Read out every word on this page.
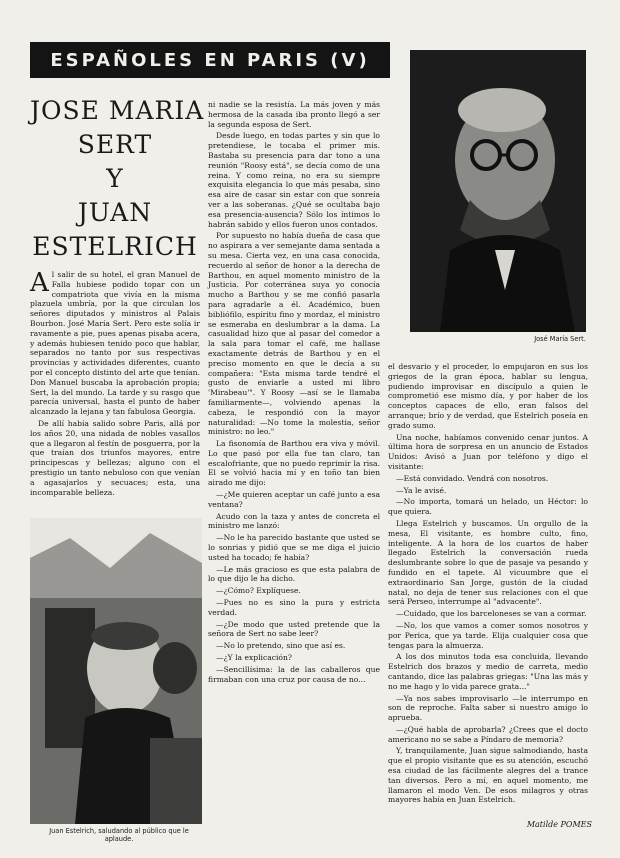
ESPAÑOLES EN PARIS (V)
JOSE MARIA
SERT
Y
JUAN
ESTELRICH

Al salir de su hotel, el gran Manuel de Falla hubiese podido topar con un compatriota que vivía en la misma plazuela umbría, por la que circulan los señores diputados y ministros al Palais Bourbon. José María Sert. Pero este solía ir ravamente a pie, pues apenas pisaba acera, y además hubiesen tenido poco que hablar, separados no tanto por sus respectivas provincias y actividades diferentes, cuanto por el concepto distinto del arte que tenían. Don Manuel buscaba la aprobación propia; Sert, la del mundo. La tarde y su rasgo que parecía universal, hasta el punto de haber alcanzado la lejana y tan fabulosa Georgia.

De allí había salido sobre Paris, allá por los años 20, una nidada de nobles vasallos que a llegaron al festín de posguerra, por la que traían dos triunfos mayores, entre principescas y bellezas; alguno con el prestigio un tanto nebuloso con que venían a agasajarlos y secuaces; esta, una incomparable belleza.

ni nadie se la resistía. La más joven y más hermosa de la casada iba pronto llegó a ser la segunda esposa de Sert.

Desde luego, en todas partes y sin que lo pretendiese, le tocaba el primer mis. Bastaba su presencia para dar tono a una reunión "Roosy está", se decía como de una reina. Y como reina, no era su siempre exquisita elegancia lo que más pesaba, sino esa aire de casar sin estar con que sonreía ver a las soberanas. ¿Qué se ocultaba bajo esa presencia-ausencia? Sólo los íntimos lo habrán sabido y ellos fueron unos contados.

Por supuesto no había dueña de casa que no aspirara a ver semejante dama sentada a su mesa. Cierta vez, en una casa conocida, recuerdo al señor de honor a la derecha de Barthou, en aquel momento ministro de la Justicia. Por coterránea suya yo conocía mucho a Barthou y se me confió pasarla para agradarle a él. Académico, buen bibliófilo, espíritu fino y mordaz, el ministro se esmeraba en deslumbrar a la dama. La casualidad hizo que al pasar del comedor a la sala para tomar el café, me hallase exactamente detrás de Barthou y en el preciso momento en que le decía a su compañera: "Esta misma tarde tendré el gusto de enviarle a usted mi libro 'Mirabeau'". Y Roosy —así se le llamaba familiarmente—, volviendo apenas la cabeza, le respondió con la mayor naturalidad: —No tome la molestia, señor ministro: no leo."

La fisonomía de Barthou era viva y móvil. Lo que pasó por ella fue tan claro, tan escalofriante, que no puedo reprimir la risa. El se volvió hacia mí y en toño tan bien airado me dijo:

—¿Me quieren aceptar un café junto a esa ventana?

Acudo con la taza y antes de concreta el ministro me lanzó:

—No le ha parecido bastante que usted se lo sonrias y pidió que se me diga el juicio usted ha tocado; fe había?

—Le más gracioso es que esta palabra de lo que dijo le ha dicho.

—¿Cómo? Explíquese.

—Pues no es sino la pura y estricta verdad.

—¿De modo que usted pretende que la señora de Sert no sabe leer?

—No lo pretendo, sino que así es.

—¿Y la explicación?

—Sencillísima: la de las caballeros que firmaban con una cruz por causa de no...

José María Sert.

el desvario y el proceder, lo empujaron en sus los griegos de la gran época, hablar su lengua, pudiendo improvisar en discípulo a quien le comprometió ese mismo día, y por haber de los conceptos capaces de ello, eran falsos del arranque; brío y de verdad, que Estelrich poseía en grado sumo.

Una noche, habíamos convenido cenar juntos. A última hora de sorpresa en un anuncio de Estados Unidos: Avisó a Juan por teléfono y digo el visitante:

—Está convidado. Vendrá con nosotros.

—Ya le avisé.

—No importa, tomará un helado, un Héctor: lo que quiera.

Llega Estelrich y buscamos. Un orgullo de la mesa, El visitante, es hombre culto, fino, inteligente. A la hora de los cuartos de haber llegado Estelrich la conversación rueda deslumbrante sobre lo que de pasaje va pesando y fundido en el tapete. Al vicuumbre que el extraordinario San Jorge, gustón de la ciudad natal, no deja de tener sus relaciones con el que será Perseo, interrumpe al "advacente".

—Cuidado, que los barceloneses se van a cormar.

—No, los que vamos a comer somos nosotros y por Perica, que ya tarde. Elija cualquier cosa que tengas para la almuerza.

A los dos minutos toda esa concluida, llevando Estelrich dos brazos y medio de carreta, medio cantando, dice las palabras griegas: "Una las más y no me hago y lo vida parece grata..."

—Ya nos sabes improvisarlo —le interrumpo en son de reproche. Falta saber si nuestro amigo lo aprueba.

—¿Qué habla de aprobarla? ¿Crees que el docto americano no se sabe a Píndaro de memoria?

Y, tranquilamente, Juan sigue salmodiando, hasta que el propio visitante que es su atención, escuchó esa ciudad de las fácilmente alegres del a trance tan diversos. Pero a mí, en aquel momento, me llamaron el modo Ven. De esos milagros y otras mayores había en Juan Estelrich.

Juan Estelrich, saludando al público que le aplaude.
Matilde POMES
